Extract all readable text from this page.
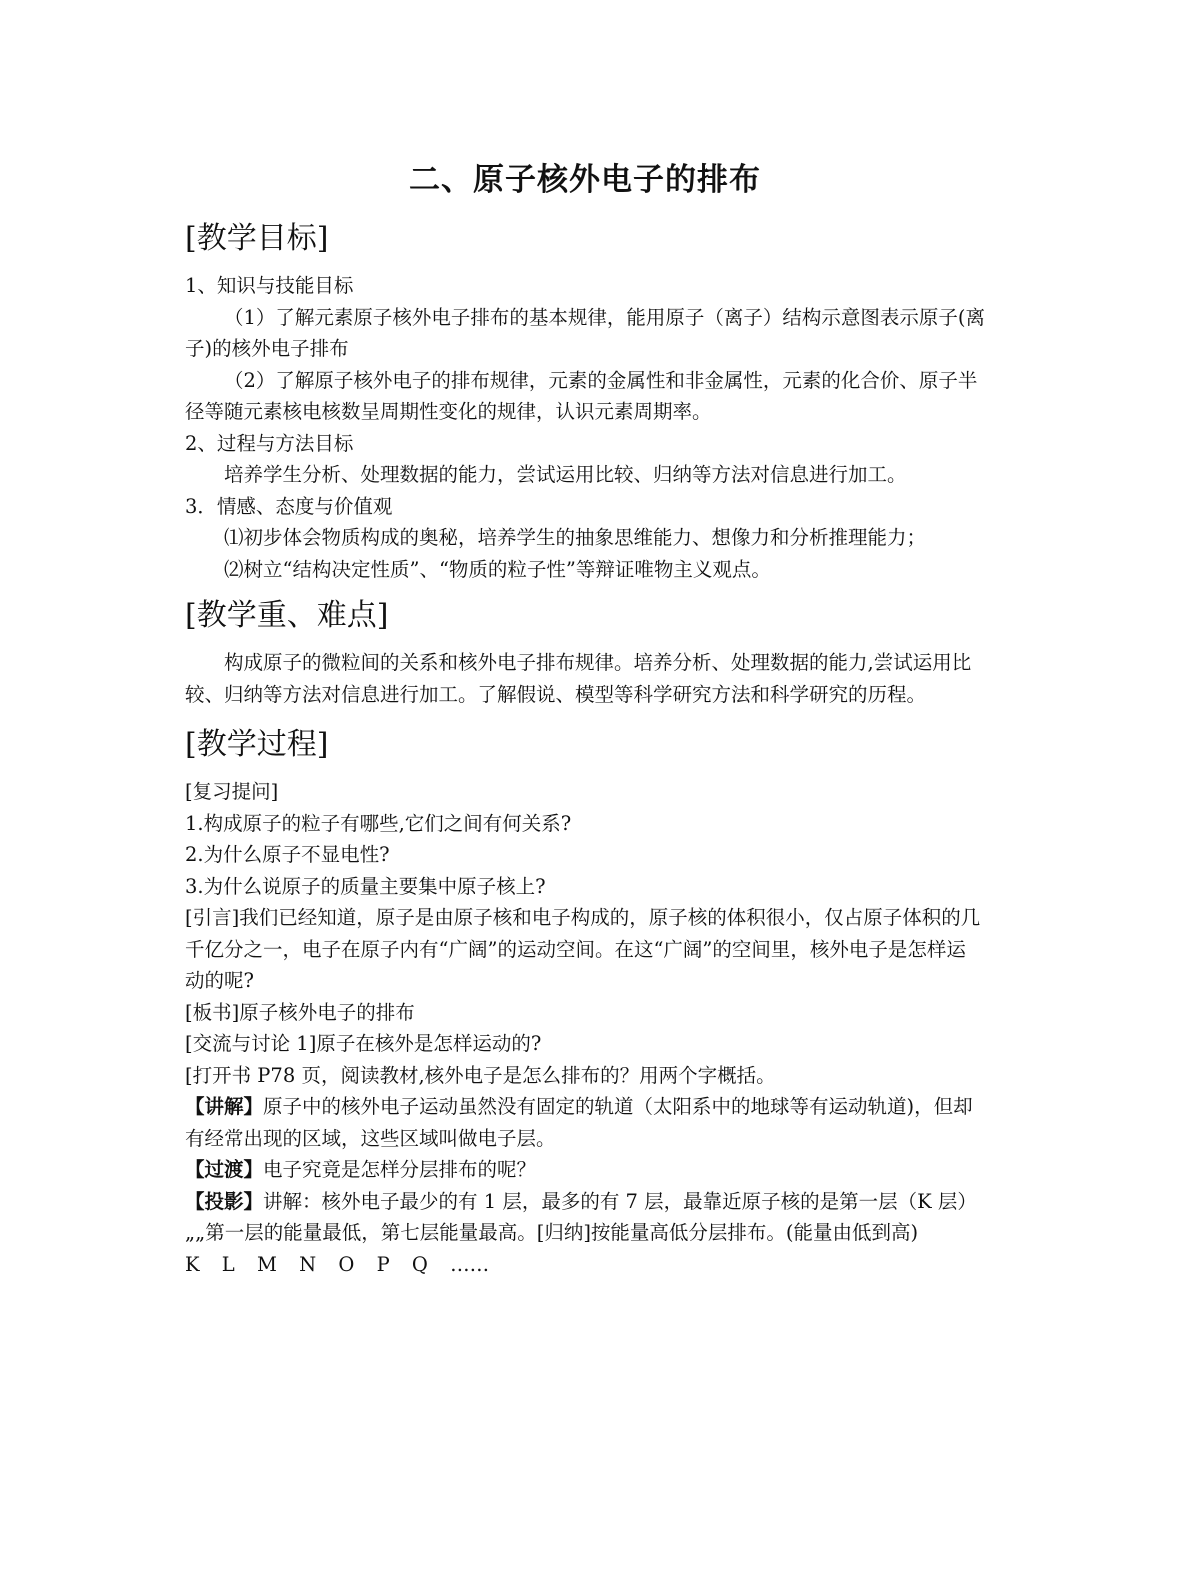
二、原子核外电子的排布
[教学目标]

1、知识与技能目标

（1）了解元素原子核外电子排布的基本规律，能用原子（离子）结构示意图表示原子(离子)的核外电子排布

（2）了解原子核外电子的排布规律，元素的金属性和非金属性，元素的化合价、原子半径等随元素核电核数呈周期性变化的规律，认识元素周期率。

2、过程与方法目标

培养学生分析、处理数据的能力，尝试运用比较、归纳等方法对信息进行加工。

3．情感、态度与价值观

⑴初步体会物质构成的奥秘，培养学生的抽象思维能力、想像力和分析推理能力；

⑵树立“结构决定性质”、“物质的粒子性”等辩证唯物主义观点。

[教学重、难点]

构成原子的微粒间的关系和核外电子排布规律。培养分析、处理数据的能力,尝试运用比较、归纳等方法对信息进行加工。了解假说、模型等科学研究方法和科学研究的历程。

[教学过程]

[复习提问]

1.构成原子的粒子有哪些,它们之间有何关系?

2.为什么原子不显电性?

3.为什么说原子的质量主要集中原子核上?

[引言]我们已经知道，原子是由原子核和电子构成的，原子核的体积很小，仅占原子体积的几千亿分之一，电子在原子内有“广阔”的运动空间。在这“广阔”的空间里，核外电子是怎样运动的呢?

[板书]原子核外电子的排布

[交流与讨论 1]原子在核外是怎样运动的?

[打开书 P78 页，阅读教材,核外电子是怎么排布的？用两个字概括。

【讲解】原子中的核外电子运动虽然没有固定的轨道（太阳系中的地球等有运动轨道)，但却有经常出现的区域，这些区域叫做电子层。

【过渡】电子究竟是怎样分层排布的呢？

【投影】讲解：核外电子最少的有 1 层，最多的有 7 层，最靠近原子核的是第一层（K 层）„„第一层的能量最低，第七层能量最高。[归纳]按能量高低分层排布。(能量由低到高)

K L M N O P Q ……
